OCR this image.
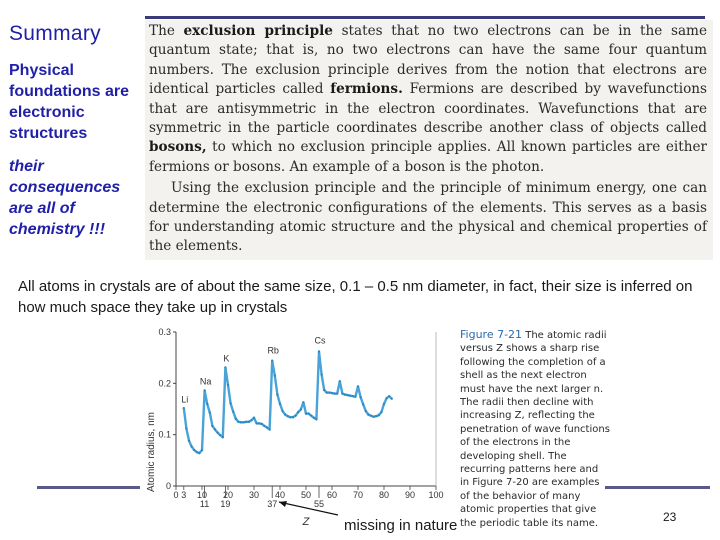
Summary
Physical foundations are electronic structures
their consequences are all of chemistry !!!

The exclusion principle states that no two electrons can be in the same quantum state; that is, no two electrons can have the same four quantum numbers. The exclusion principle derives from the notion that electrons are identical particles called fermions. Fermions are described by wavefunctions that are antisymmetric in the electron coordinates. Wavefunctions that are symmetric in the particle coordinates describe another class of objects called bosons, to which no exclusion principle applies. All known particles are either fermions or bosons. An example of a boson is the photon.

Using the exclusion principle and the principle of minimum energy, one can determine the electronic configurations of the elements. This serves as a basis for understanding atomic structure and the physical and chemical properties of the elements.

All atoms in crystals are of about the same size, 0.1 – 0.5 nm diameter, in fact, their size is inferred on how much space they take up in crystals
0
0.1
0.2
0.3
0 3 10
11
20
19
30 40
37
50
55
60 70 80 90 100
Li
Na
K
Rb
Cs
Atomic radius, nm
Z
Figure 7-21 The atomic radii versus Z shows a sharp rise following the completion of a shell as the next electron must have the next larger n. The radii then decline with increasing Z, reflecting the penetration of wave functions of the electrons in the developing shell. The recurring patterns here and in Figure 7-20 are examples of the behavior of many atomic properties that give the periodic table its name.
missing in nature	23
